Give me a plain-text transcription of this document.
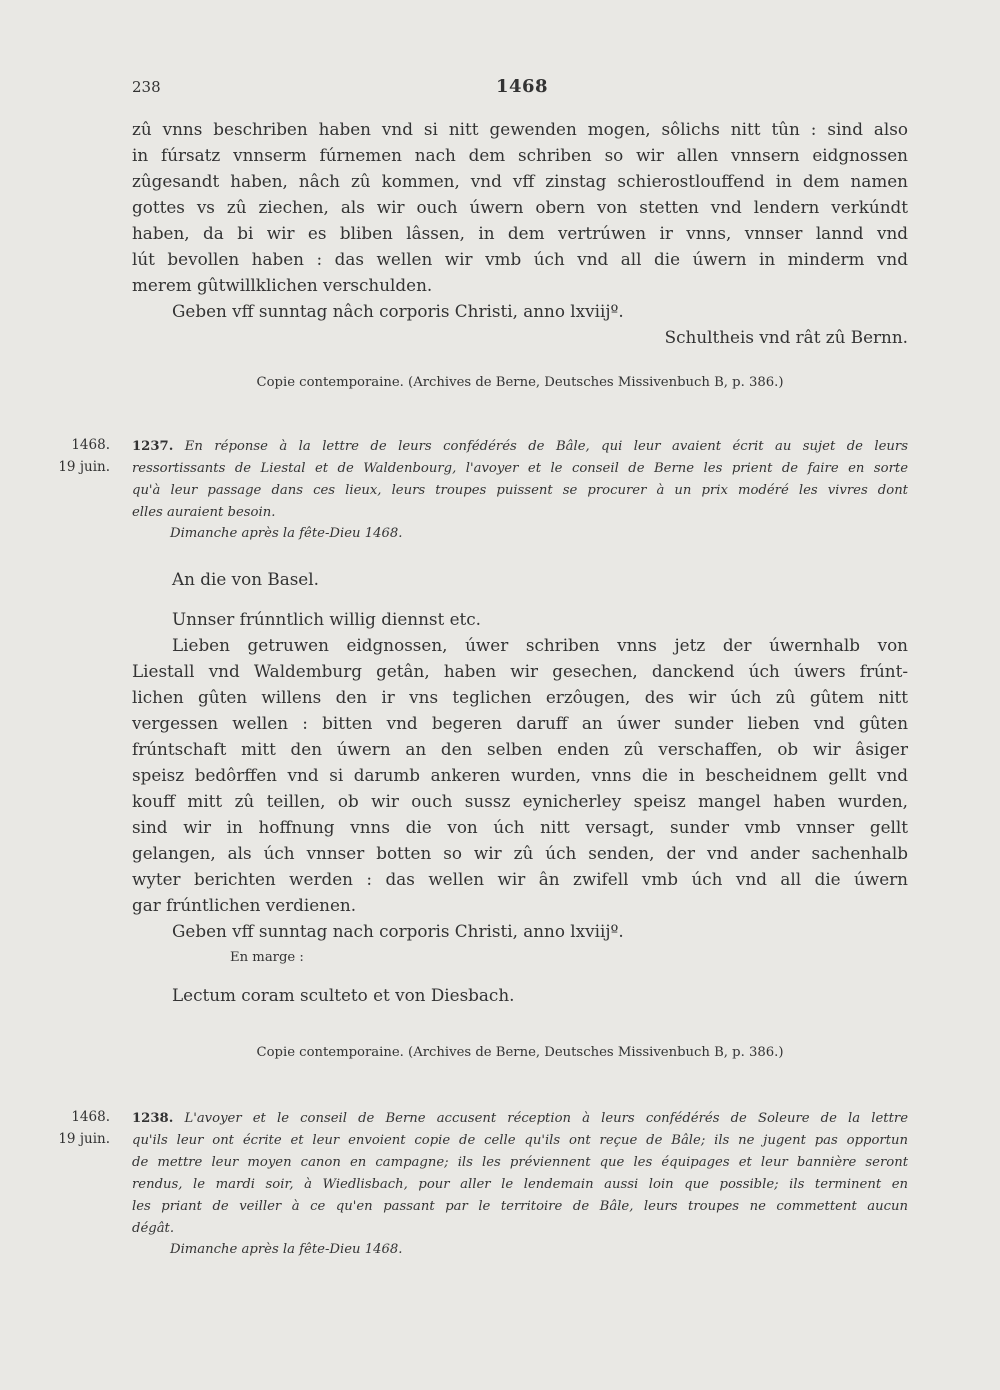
238	1468
zû vnns beschriben haben vnd si nitt gewenden mogen, sôlichs nitt tûn : sind also
in fúrsatz vnnserm fúrnemen nach dem schriben so wir allen vnnsern eidgnossen
zûgesandt haben, nâch zû kommen, vnd vff zinstag schierostlouffend in dem namen
gottes vs zû ziechen, als wir ouch úwern obern von stetten vnd lendern verkúndt
haben, da bi wir es bliben lâssen, in dem vertrúwen ir vnns, vnnser lannd vnd
lút bevollen haben : das wellen wir vmb úch vnd all die úwern in minderm vnd
merem gûtwillklichen verschulden.
Geben vff sunntag nâch corporis Christi, anno lxviijº.
Schultheis vnd rât zû Bernn.
Copie contemporaine. (Archives de Berne, Deutsches Missivenbuch B, p. 386.)
1468.
19 juin.
1237. En réponse à la lettre de leurs confédérés de Bâle, qui leur avaient écrit au sujet de leurs
ressortissants de Liestal et de Waldenbourg, l'avoyer et le conseil de Berne les prient de faire en sorte
qu'à leur passage dans ces lieux, leurs troupes puissent se procurer à un prix modéré les vivres dont
elles auraient besoin.
Dimanche après la fête-Dieu 1468.
An die von Basel.
Unnser frúnntlich willig diennst etc.
Lieben getruwen eidgnossen, úwer schriben vnns jetz der úwernhalb von
Liestall vnd Waldemburg getân, haben wir gesechen, danckend úch úwers frúnt-
lichen gûten willens den ir vns teglichen erzôugen, des wir úch zû gûtem nitt
vergessen wellen : bitten vnd begeren daruff an úwer sunder lieben vnd gûten
frúntschaft mitt den úwern an den selben enden zû verschaffen, ob wir âsiger
speisz bedôrffen vnd si darumb ankeren wurden, vnns die in bescheidnem gellt vnd
kouff mitt zû teillen, ob wir ouch sussz eynicherley speisz mangel haben wurden,
sind wir in hoffnung vnns die von úch nitt versagt, sunder vmb vnnser gellt
gelangen, als úch vnnser botten so wir zû úch senden, der vnd ander sachenhalb
wyter berichten werden : das wellen wir ân zwifell vmb úch vnd all die úwern
gar frúntlichen verdienen.
Geben vff sunntag nach corporis Christi, anno lxviijº.
En marge :
Lectum coram sculteto et von Diesbach.
Copie contemporaine. (Archives de Berne, Deutsches Missivenbuch B, p. 386.)
1468.
19 juin.
1238. L'avoyer et le conseil de Berne accusent réception à leurs confédérés de Soleure de la lettre
qu'ils leur ont écrite et leur envoient copie de celle qu'ils ont reçue de Bâle; ils ne jugent pas opportun
de mettre leur moyen canon en campagne; ils les préviennent que les équipages et leur bannière seront
rendus, le mardi soir, à Wiedlisbach, pour aller le lendemain aussi loin que possible; ils terminent en
les priant de veiller à ce qu'en passant par le territoire de Bâle, leurs troupes ne commettent aucun
dégât.
Dimanche après la fête-Dieu 1468.
